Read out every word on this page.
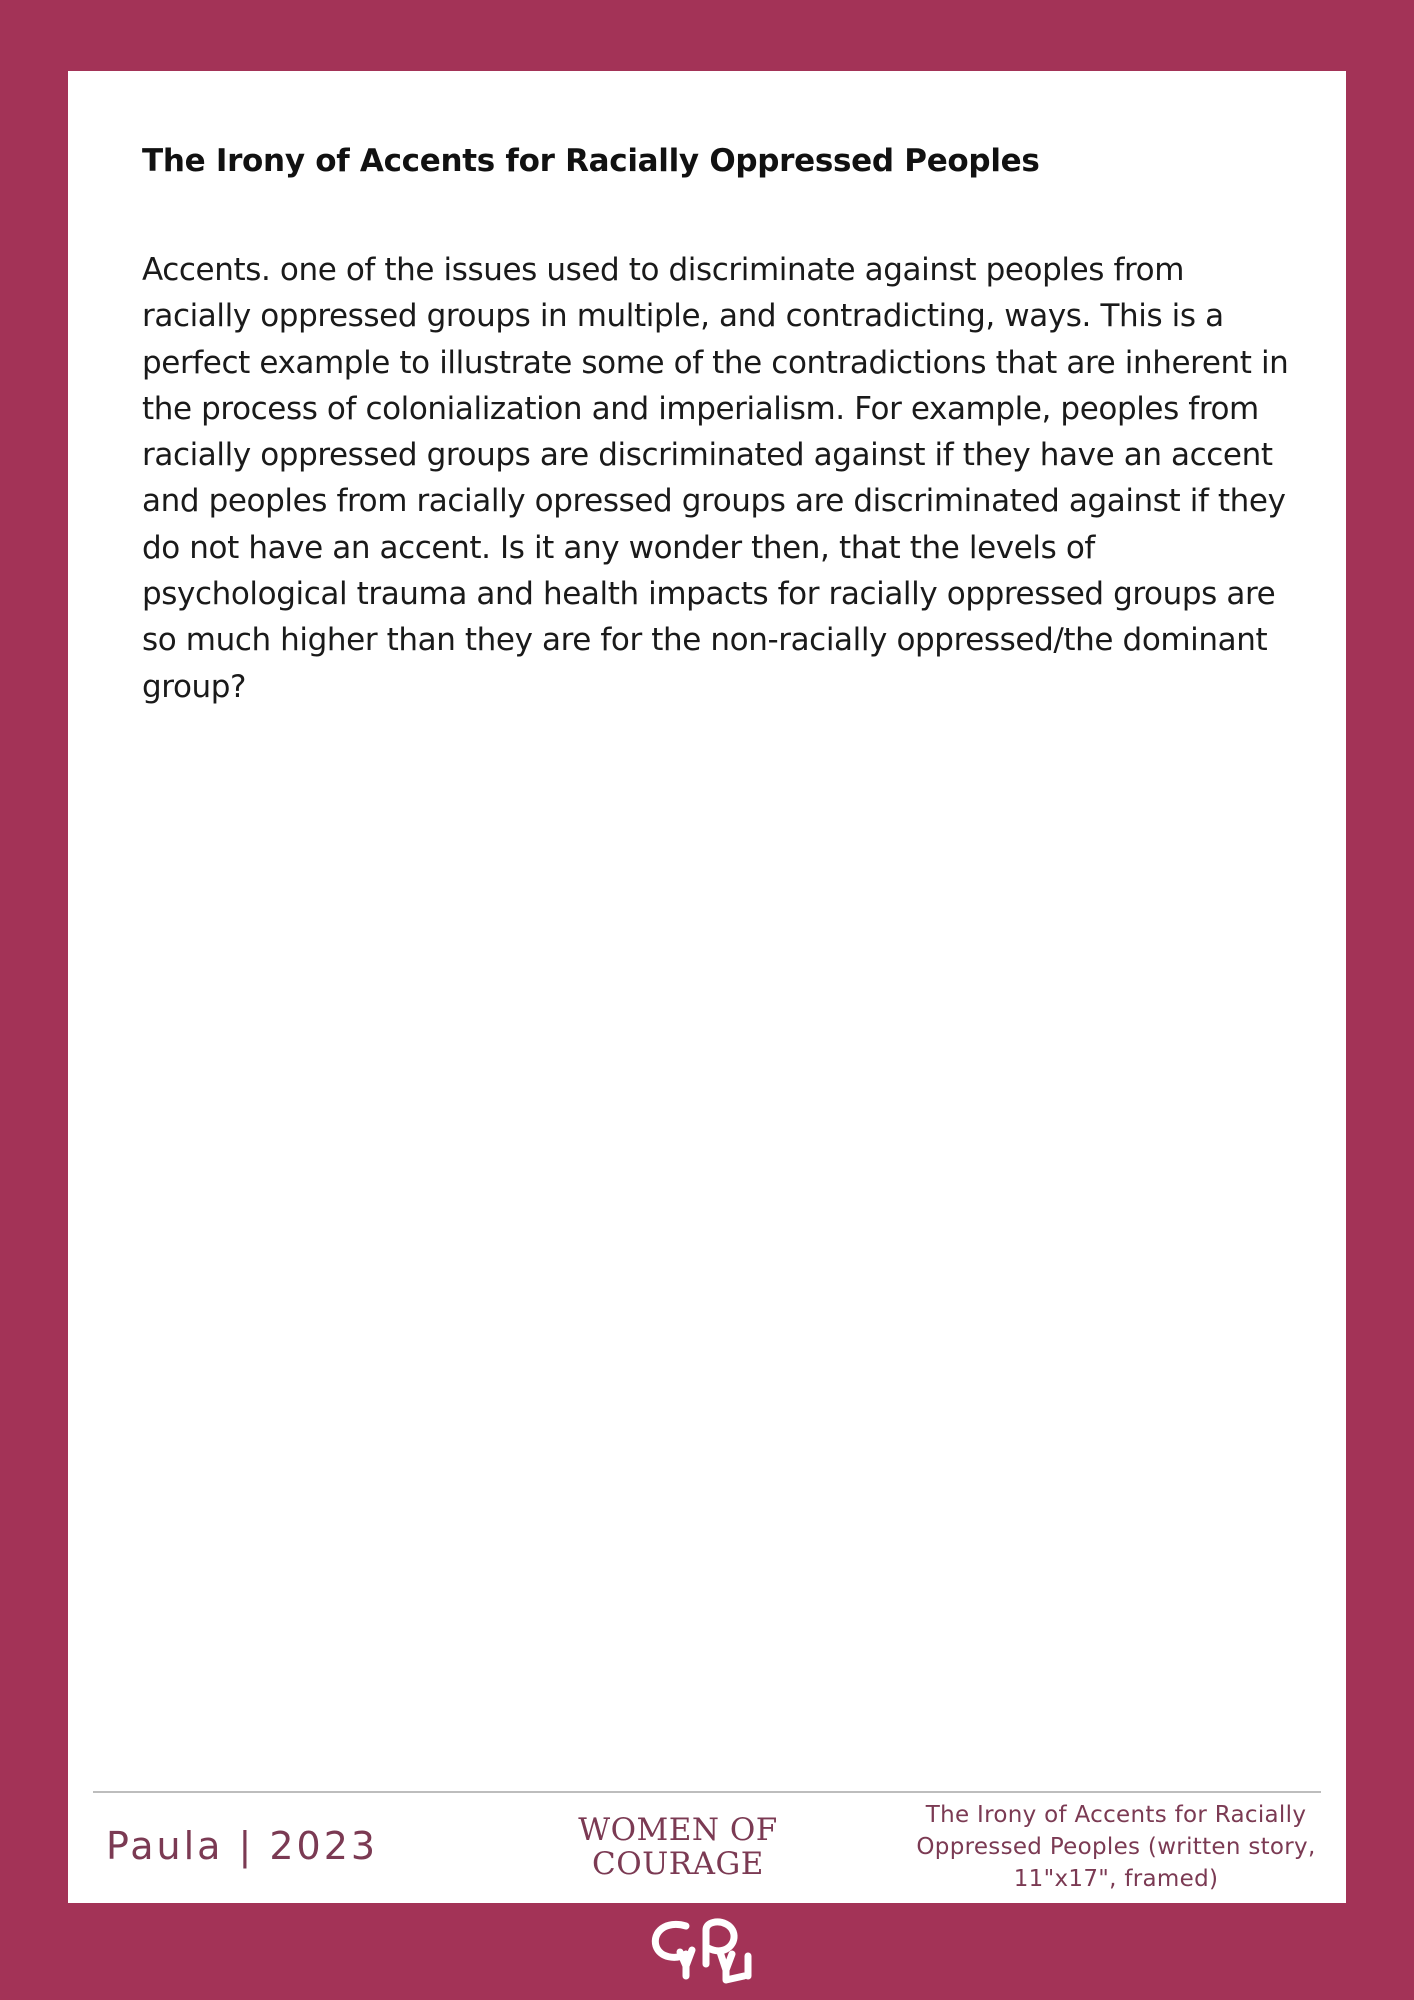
The Irony of Accents for Racially Oppressed Peoples

Accents. one of the issues used to discriminate against peoples from racially oppressed groups in multiple, and contradicting, ways. This is a perfect example to illustrate some of the contradictions that are inherent in the process of colonialization and imperialism. For example, peoples from racially oppressed groups are discriminated against if they have an accent and peoples from racially opressed groups are discriminated against if they do not have an accent. Is it any wonder then, that the levels of psychological trauma and health impacts for racially oppressed groups are so much higher than they are for the non-racially oppressed/the dominant group?

Paula | 2023	WOMEN OF
COURAGE
The Irony of Accents for Racially Oppressed Peoples (written story, 11"x17", framed)
